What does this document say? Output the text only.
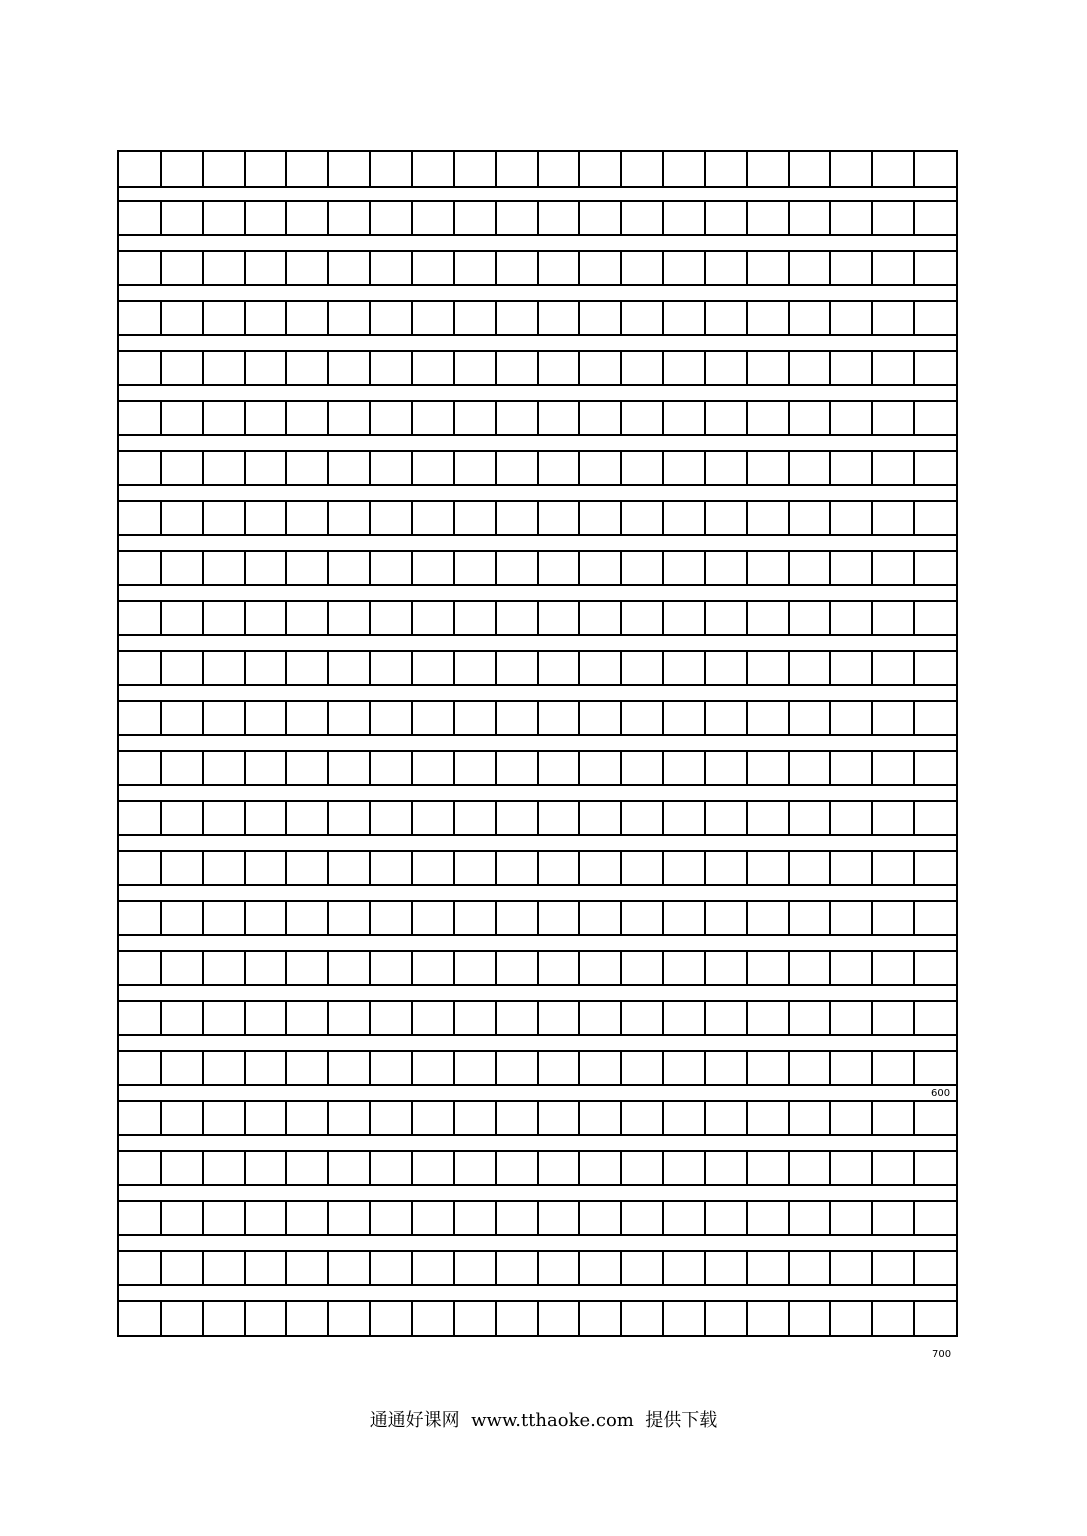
600
700
通通好课网 www.tthaoke.com 提供下载
